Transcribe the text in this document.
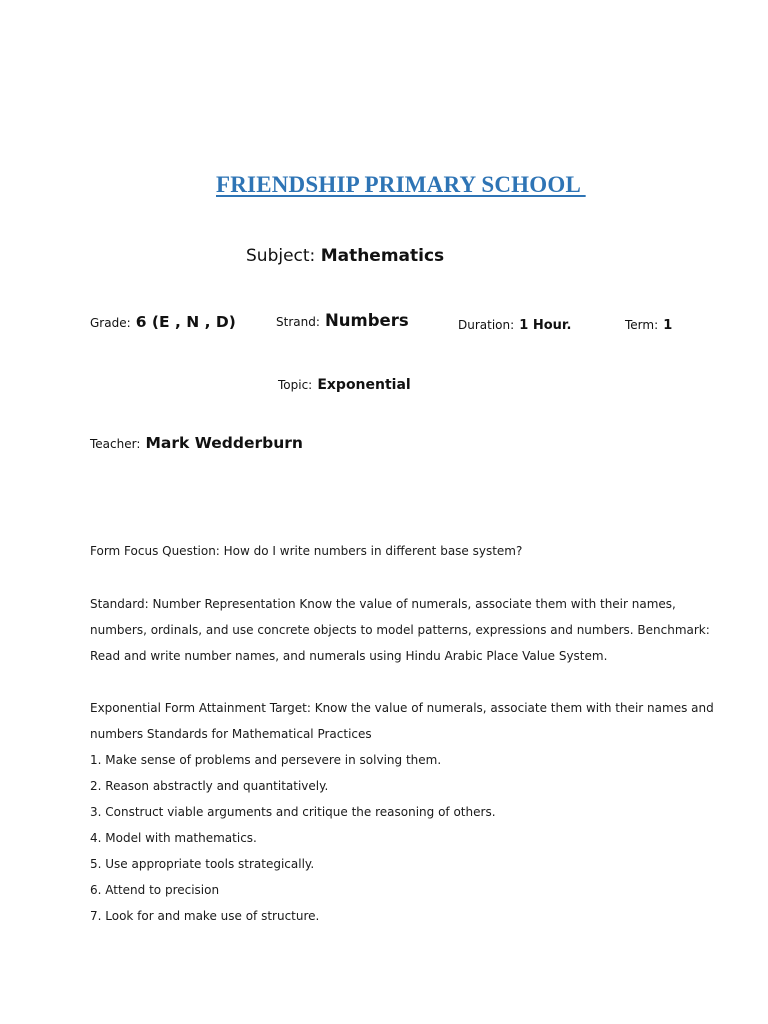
FRIENDSHIP PRIMARY SCHOOL
Subject: Mathematics
Grade: 6 (E , N , D)	Strand: Numbers	Duration: 1 Hour.	Term: 1
Topic: Exponential
Teacher: Mark Wedderburn
Form Focus Question: How do I write numbers in different base system?
Standard: Number Representation Know the value of numerals, associate them with their names,
numbers, ordinals, and use concrete objects to model patterns, expressions and numbers. Benchmark:
Read and write number names, and numerals using Hindu Arabic Place Value System.
Exponential Form Attainment Target: Know the value of numerals, associate them with their names and
numbers Standards for Mathematical Practices
1. Make sense of problems and persevere in solving them.
2. Reason abstractly and quantitatively.
3. Construct viable arguments and critique the reasoning of others.
4. Model with mathematics.
5. Use appropriate tools strategically.
6. Attend to precision
7. Look for and make use of structure.
